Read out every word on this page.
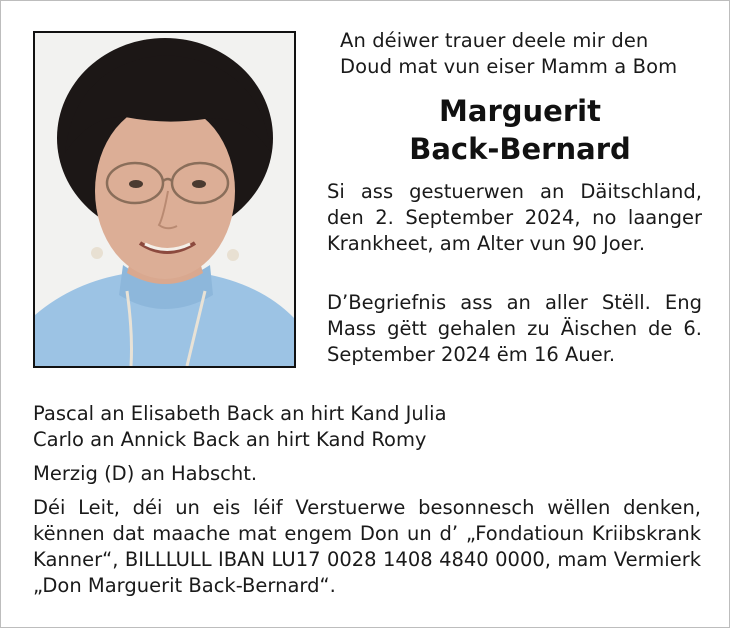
An déiwer trauer deele mir den Doud mat vun eiser Mamm a Bom
Marguerit
Back-Bernard
Si ass gestuerwen an Däitschland, den 2. September 2024, no laanger Krankheet, am Alter vun 90 Joer.
D’Begriefnis ass an aller Stëll. Eng Mass gëtt gehalen zu Äischen de 6. September 2024 ëm 16 Auer.
Pascal an Elisabeth Back an hirt Kand Julia
Carlo an Annick Back an hirt Kand Romy
Merzig (D) an Habscht.
Déi Leit, déi un eis léif Verstuerwe besonnesch wëllen denken, kënnen dat maache mat engem Don un d’ „Fondatioun Kriibskrank Kanner“, BILLLULL IBAN LU17 0028 1408 4840 0000, mam Vermierk „Don Marguerit Back-Bernard“.
